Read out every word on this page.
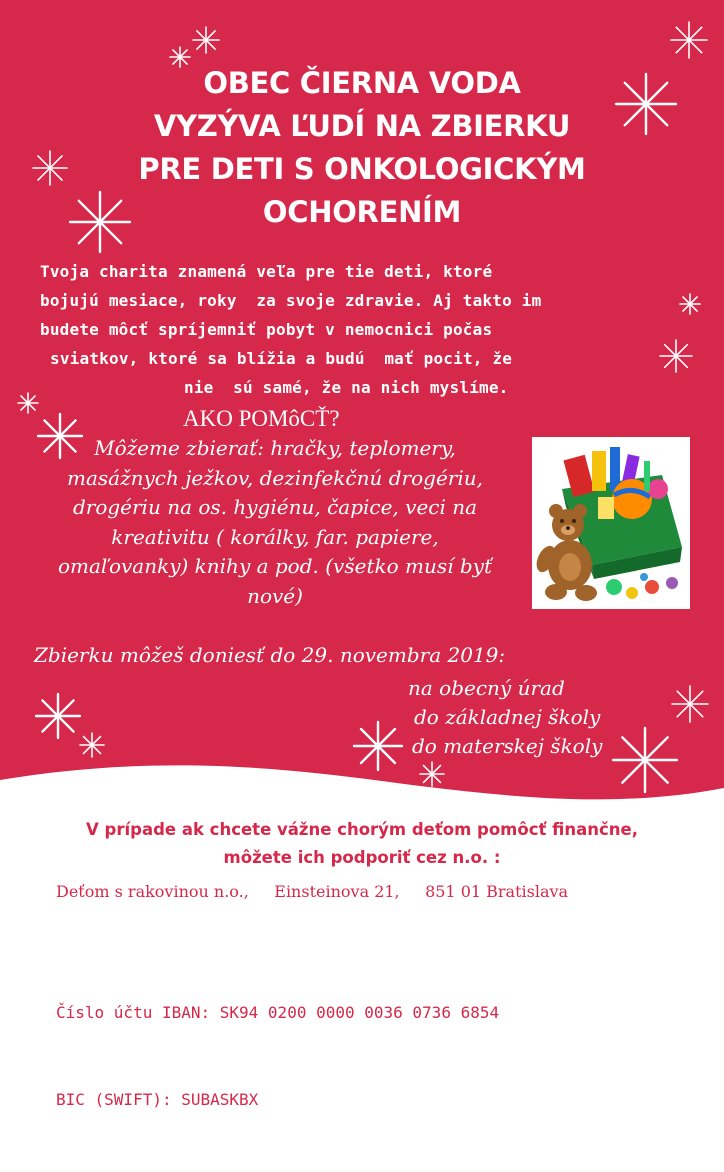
OBEC ČIERNA VODA
VYZÝVA ĽUDÍ NA ZBIERKU
PRE DETI S ONKOLOGICKÝM
OCHORENÍM
Tvoja charita znamená veľa pre tie deti, ktoré
bojujú mesiace, roky  za svoje zdravie. Aj takto im
budete môcť spríjemniť pobyt v nemocnici počas
sviatkov, ktoré sa blížia a budú  mať pocit, že
nie  sú samé, že na nich myslíme.
AKO POMôCŤ?
Môžeme zbierať: hračky, teplomery,
masážnych ježkov, dezinfekčnú drogériu,
drogériu na os. hygiénu, čapice, veci na
kreativitu ( korálky, far. papiere,
omaľovanky) knihy a pod. (všetko musí byť
nové)
Zbierku môžeš doniesť do 29. novembra 2019:
na obecný úrad
do základnej školy
do materskej školy
V prípade ak chcete vážne chorým deťom pomôcť finančne,
môžete ich podporiť cez n.o. :
Deťom s rakovinou n.o.,     Einsteinova 21,     851 01 Bratislava

Číslo účtu IBAN: SK94 0200 0000 0036 0736 6854

BIC (SWIFT): SUBASKBX
